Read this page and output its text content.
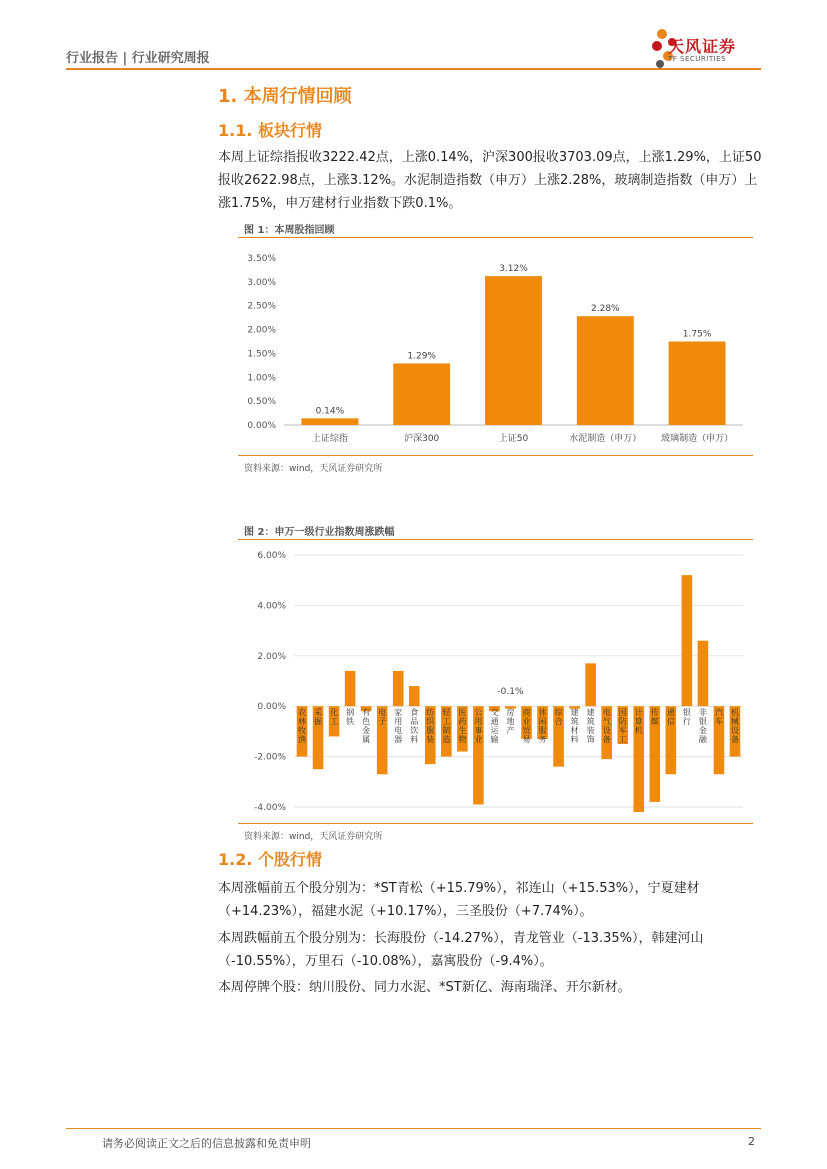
行业报告 | 行业研究周报
天风证券
TF SECURITIES
1. 本周行情回顾
1.1. 板块行情
本周上证综指报收3222.42点，上涨0.14%，沪深300报收3703.09点，上涨1.29%，上证50报收2622.98点，上涨3.12%。水泥制造指数（申万）上涨2.28%，玻璃制造指数（申万）上涨1.75%，申万建材行业指数下跌0.1%。
图 1：本周股指回顾
0.00%
0.50%
1.00%
1.50%
2.00%
2.50%
3.00%
3.50%
0.14%
上证综指
1.29%
沪深300
3.12%
上证50
2.28%
水泥制造（申万）
1.75%
玻璃制造（申万）
资料来源：wind，天风证券研究所
图 2：申万一级行业指数周涨跌幅
-4.00%
-2.00%
0.00%
2.00%
4.00%
6.00%
农林牧渔
采掘
化工
钢铁
有色金属
电子
家用电器
食品饮料
纺织服装
轻工制造
医药生物
公用事业
交通运输
房地产
商业贸易
休闲服务
综合
建筑材料
建筑装饰
电气设备
国防军工
计算机
传媒
通信
银行
非银金融
汽车
机械设备
-0.1%
资料来源：wind，天风证券研究所
1.2. 个股行情
本周涨幅前五个股分别为：*ST青松（+15.79%），祁连山（+15.53%），宁夏建材（+14.23%），福建水泥（+10.17%），三圣股份（+7.74%）。
本周跌幅前五个股分别为：长海股份（-14.27%），青龙管业（-13.35%），韩建河山（-10.55%），万里石（-10.08%），嘉寓股份（-9.4%）。
本周停牌个股：纳川股份、同力水泥、*ST新亿、海南瑞泽、开尔新材。
请务必阅读正文之后的信息披露和免责申明	2
